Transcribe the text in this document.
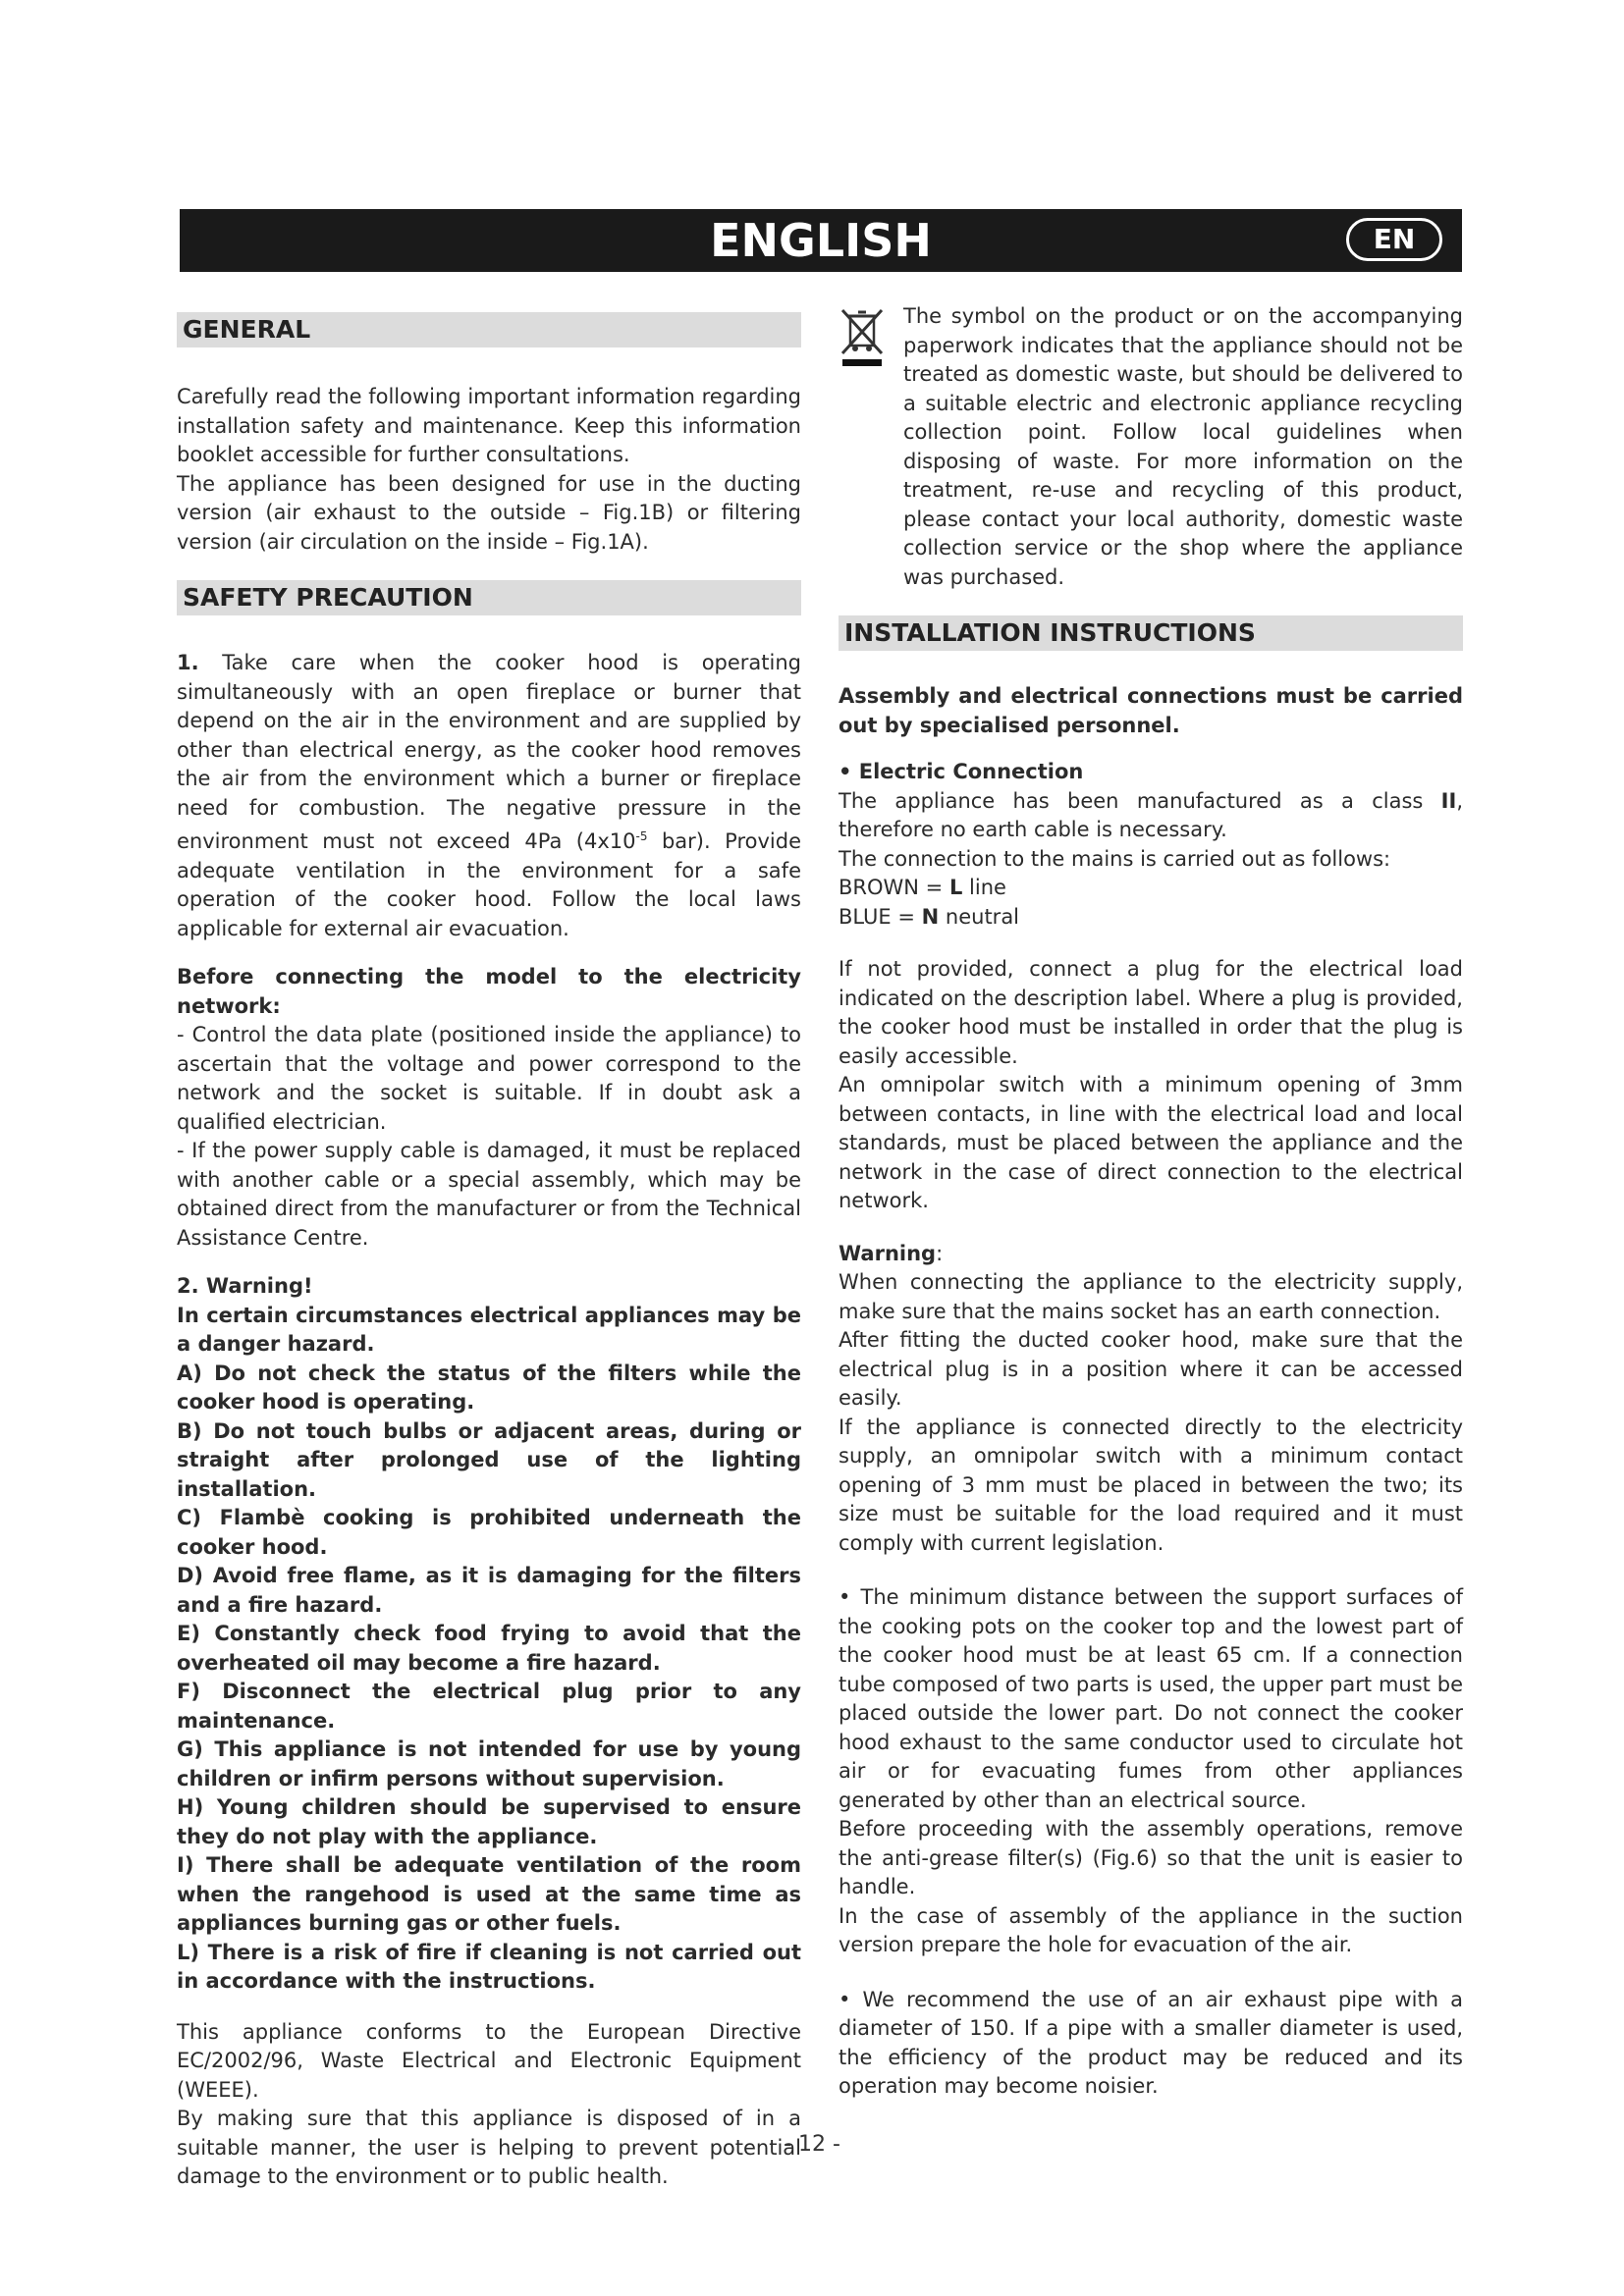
ENGLISH	EN
GENERAL

Carefully read the following important information regarding installation safety and maintenance. Keep this information booklet accessible for further consultations.

The appliance has been designed for use in the ducting version (air exhaust to the outside – Fig.1B) or filtering version (air circulation on the inside – Fig.1A).

SAFETY PRECAUTION

1. Take care when the cooker hood is operating simultaneously with an open fireplace or burner that depend on the air in the environment and are supplied by other than electrical energy, as the cooker hood removes the air from the environment which a burner or fireplace need for combustion. The negative pressure in the environment must not exceed 4Pa ($4x10^{-5}$ bar). Provide adequate ventilation in the environment for a safe operation of the cooker hood. Follow the local laws applicable for external air evacuation.

Before connecting the model to the electricity network:

- Control the data plate (positioned inside the appliance) to ascertain that the voltage and power correspond to the network and the socket is suitable. If in doubt ask a qualified electrician.

- If the power supply cable is damaged, it must be replaced with another cable or a special assembly, which may be obtained direct from the manufacturer or from the Technical Assistance Centre.

2. Warning!

In certain circumstances electrical appliances may be a danger hazard.

A) Do not check the status of the filters while the cooker hood is operating.

B) Do not touch bulbs or adjacent areas, during or straight after prolonged use of the lighting installation.

C) Flambè cooking is prohibited underneath the cooker hood.

D) Avoid free flame, as it is damaging for the filters and a fire hazard.

E) Constantly check food frying to avoid that the overheated oil may become a fire hazard.

F) Disconnect the electrical plug prior to any maintenance.

G) This appliance is not intended for use by young children or infirm persons without supervision.

H) Young children should be supervised to ensure they do not play with the appliance.

I) There shall be adequate ventilation of the room when the rangehood is used at the same time as appliances burning gas or other fuels.

L) There is a risk of fire if cleaning is not carried out in accordance with the instructions.

This appliance conforms to the European Directive EC/2002/96, Waste Electrical and Electronic Equipment (WEEE).

By making sure that this appliance is disposed of in a suitable manner, the user is helping to prevent potential damage to the environment or to public health.

The symbol on the product or on the accompanying paperwork indicates that the appliance should not be treated as domestic waste, but should be delivered to a suitable electric and electronic appliance recycling collection point. Follow local guidelines when disposing of waste. For more information on the treatment, re-use and recycling of this product, please contact your local authority, domestic waste collection service or the shop where the appliance was purchased.

INSTALLATION INSTRUCTIONS

Assembly and electrical connections must be carried out by specialised personnel.

• Electric Connection

The appliance has been manufactured as a class II, therefore no earth cable is necessary.

The connection to the mains is carried out as follows:

BROWN = L line

BLUE = N neutral

If not provided, connect a plug for the electrical load indicated on the description label. Where a plug is provided, the cooker hood must be installed in order that the plug is easily accessible.

An omnipolar switch with a minimum opening of 3mm between contacts, in line with the electrical load and local standards, must be placed between the appliance and the network in the case of direct connection to the electrical network.

Warning:

When connecting the appliance to the electricity supply, make sure that the mains socket has an earth connection.

After fitting the ducted cooker hood, make sure that the electrical plug is in a position where it can be accessed easily.

If the appliance is connected directly to the electricity supply, an omnipolar switch with a minimum contact opening of 3 mm must be placed in between the two; its size must be suitable for the load required and it must comply with current legislation.

• The minimum distance between the support surfaces of the cooking pots on the cooker top and the lowest part of the cooker hood must be at least 65 cm. If a connection tube composed of two parts is used, the upper part must be placed outside the lower part. Do not connect the cooker hood exhaust to the same conductor used to circulate hot air or for evacuating fumes from other appliances generated by other than an electrical source.

Before proceeding with the assembly operations, remove the anti-grease filter(s) (Fig.6) so that the unit is easier to handle.

In the case of assembly of the appliance in the suction version prepare the hole for evacuation of the air.

• We recommend the use of an air exhaust pipe with a diameter of 150. If a pipe with a smaller diameter is used, the efficiency of the product may be reduced and its operation may become noisier.

- 12 -
